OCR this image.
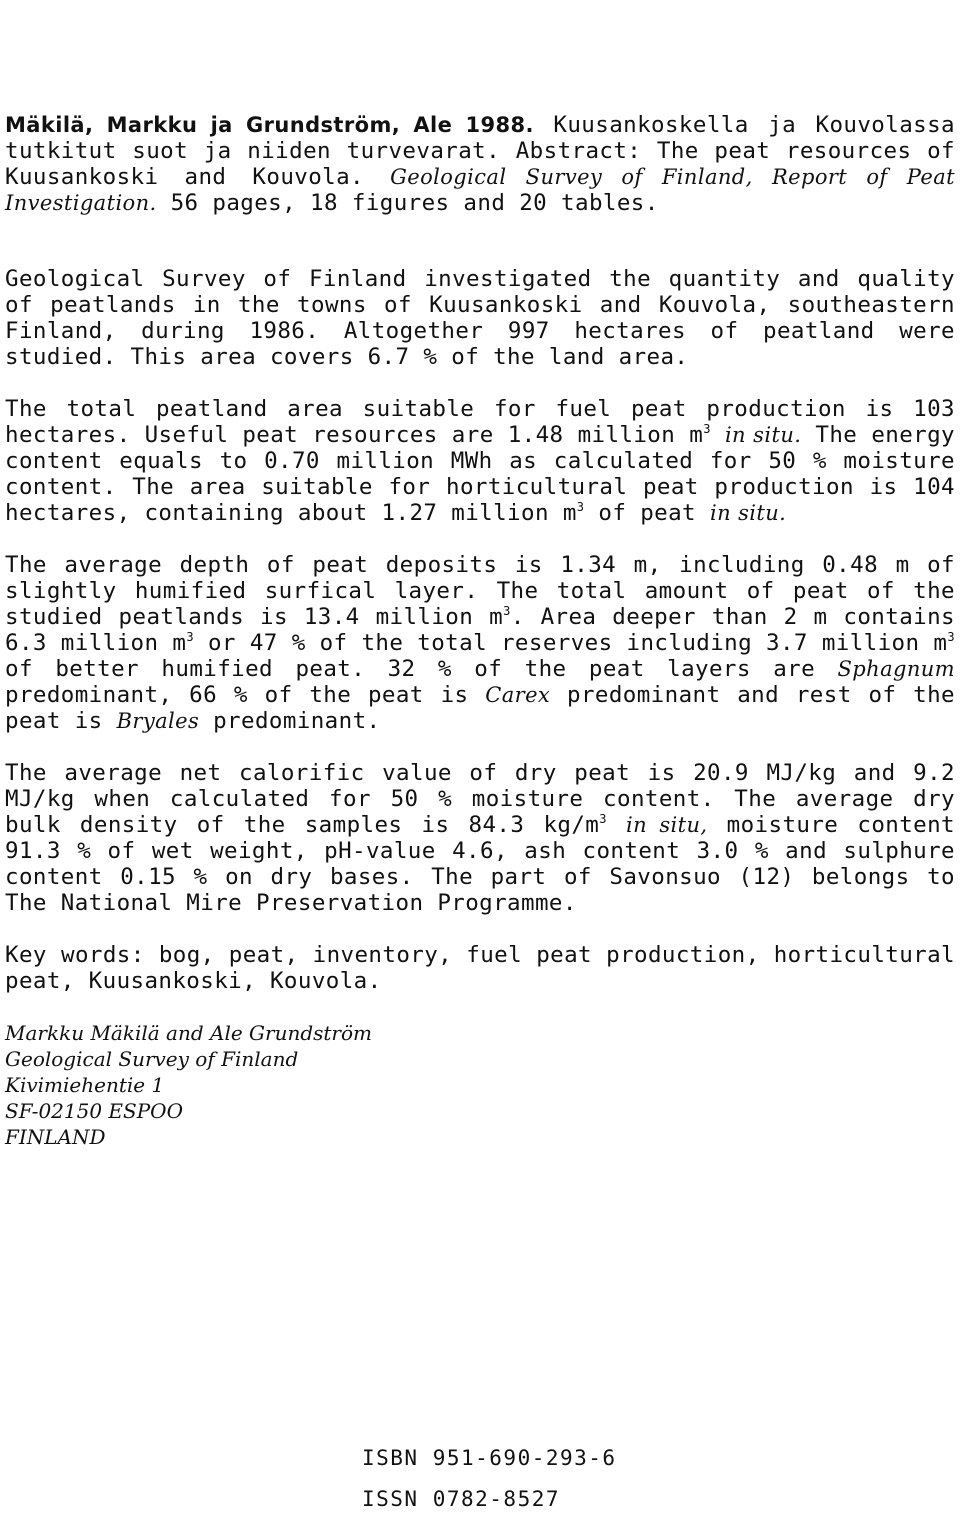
Mäkilä, Markku ja Grundström, Ale 1988. Kuusankoskella ja Kouvolassa tutkitut suot ja niiden turvevarat. Abstract: The peat resources of Kuusankoski and Kouvola. Geological Survey of Finland, Report of Peat Investigation. 56 pages, 18 figures and 20 tables.

Geological Survey of Finland investigated the quantity and quality of peatlands in the towns of Kuusankoski and Kouvola, southeastern Finland, during 1986. Altogether 997 hectares of peatland were studied. This area covers 6.7 % of the land area.

The total peatland area suitable for fuel peat production is 103 hectares. Useful peat resources are 1.48 million $m^3$ in situ. The energy content equals to 0.70 million MWh as calculated for 50 % moisture content. The area suitable for horticultural peat production is 104 hectares, containing about 1.27 million $m^3$ of peat in situ.

The average depth of peat deposits is 1.34 m, including 0.48 m of slightly humified surfical layer. The total amount of peat of the studied peatlands is 13.4 million $m^3$. Area deeper than 2 m contains 6.3 million $m^3$ or 47 % of the total reserves including 3.7 million $m^3$ of better humified peat. 32 % of the peat layers are Sphagnum predominant, 66 % of the peat is Carex predominant and rest of the peat is Bryales predominant.

The average net calorific value of dry peat is 20.9 MJ/kg and 9.2 MJ/kg when calculated for 50 % moisture content. The average dry bulk density of the samples is 84.3 $kg/m^3$ in situ, moisture content 91.3 % of wet weight, pH-value 4.6, ash content 3.0 % and sulphure content 0.15 % on dry bases. The part of Savonsuo (12) belongs to The National Mire Preservation Programme.

Key words: bog, peat, inventory, fuel peat production, horticultural peat, Kuusankoski, Kouvola.

Markku Mäkilä and Ale Grundström
Geological Survey of Finland
Kivimiehentie 1
SF-02150 ESPOO
FINLAND
ISBN 951-690-293-6
ISSN 0782-8527
